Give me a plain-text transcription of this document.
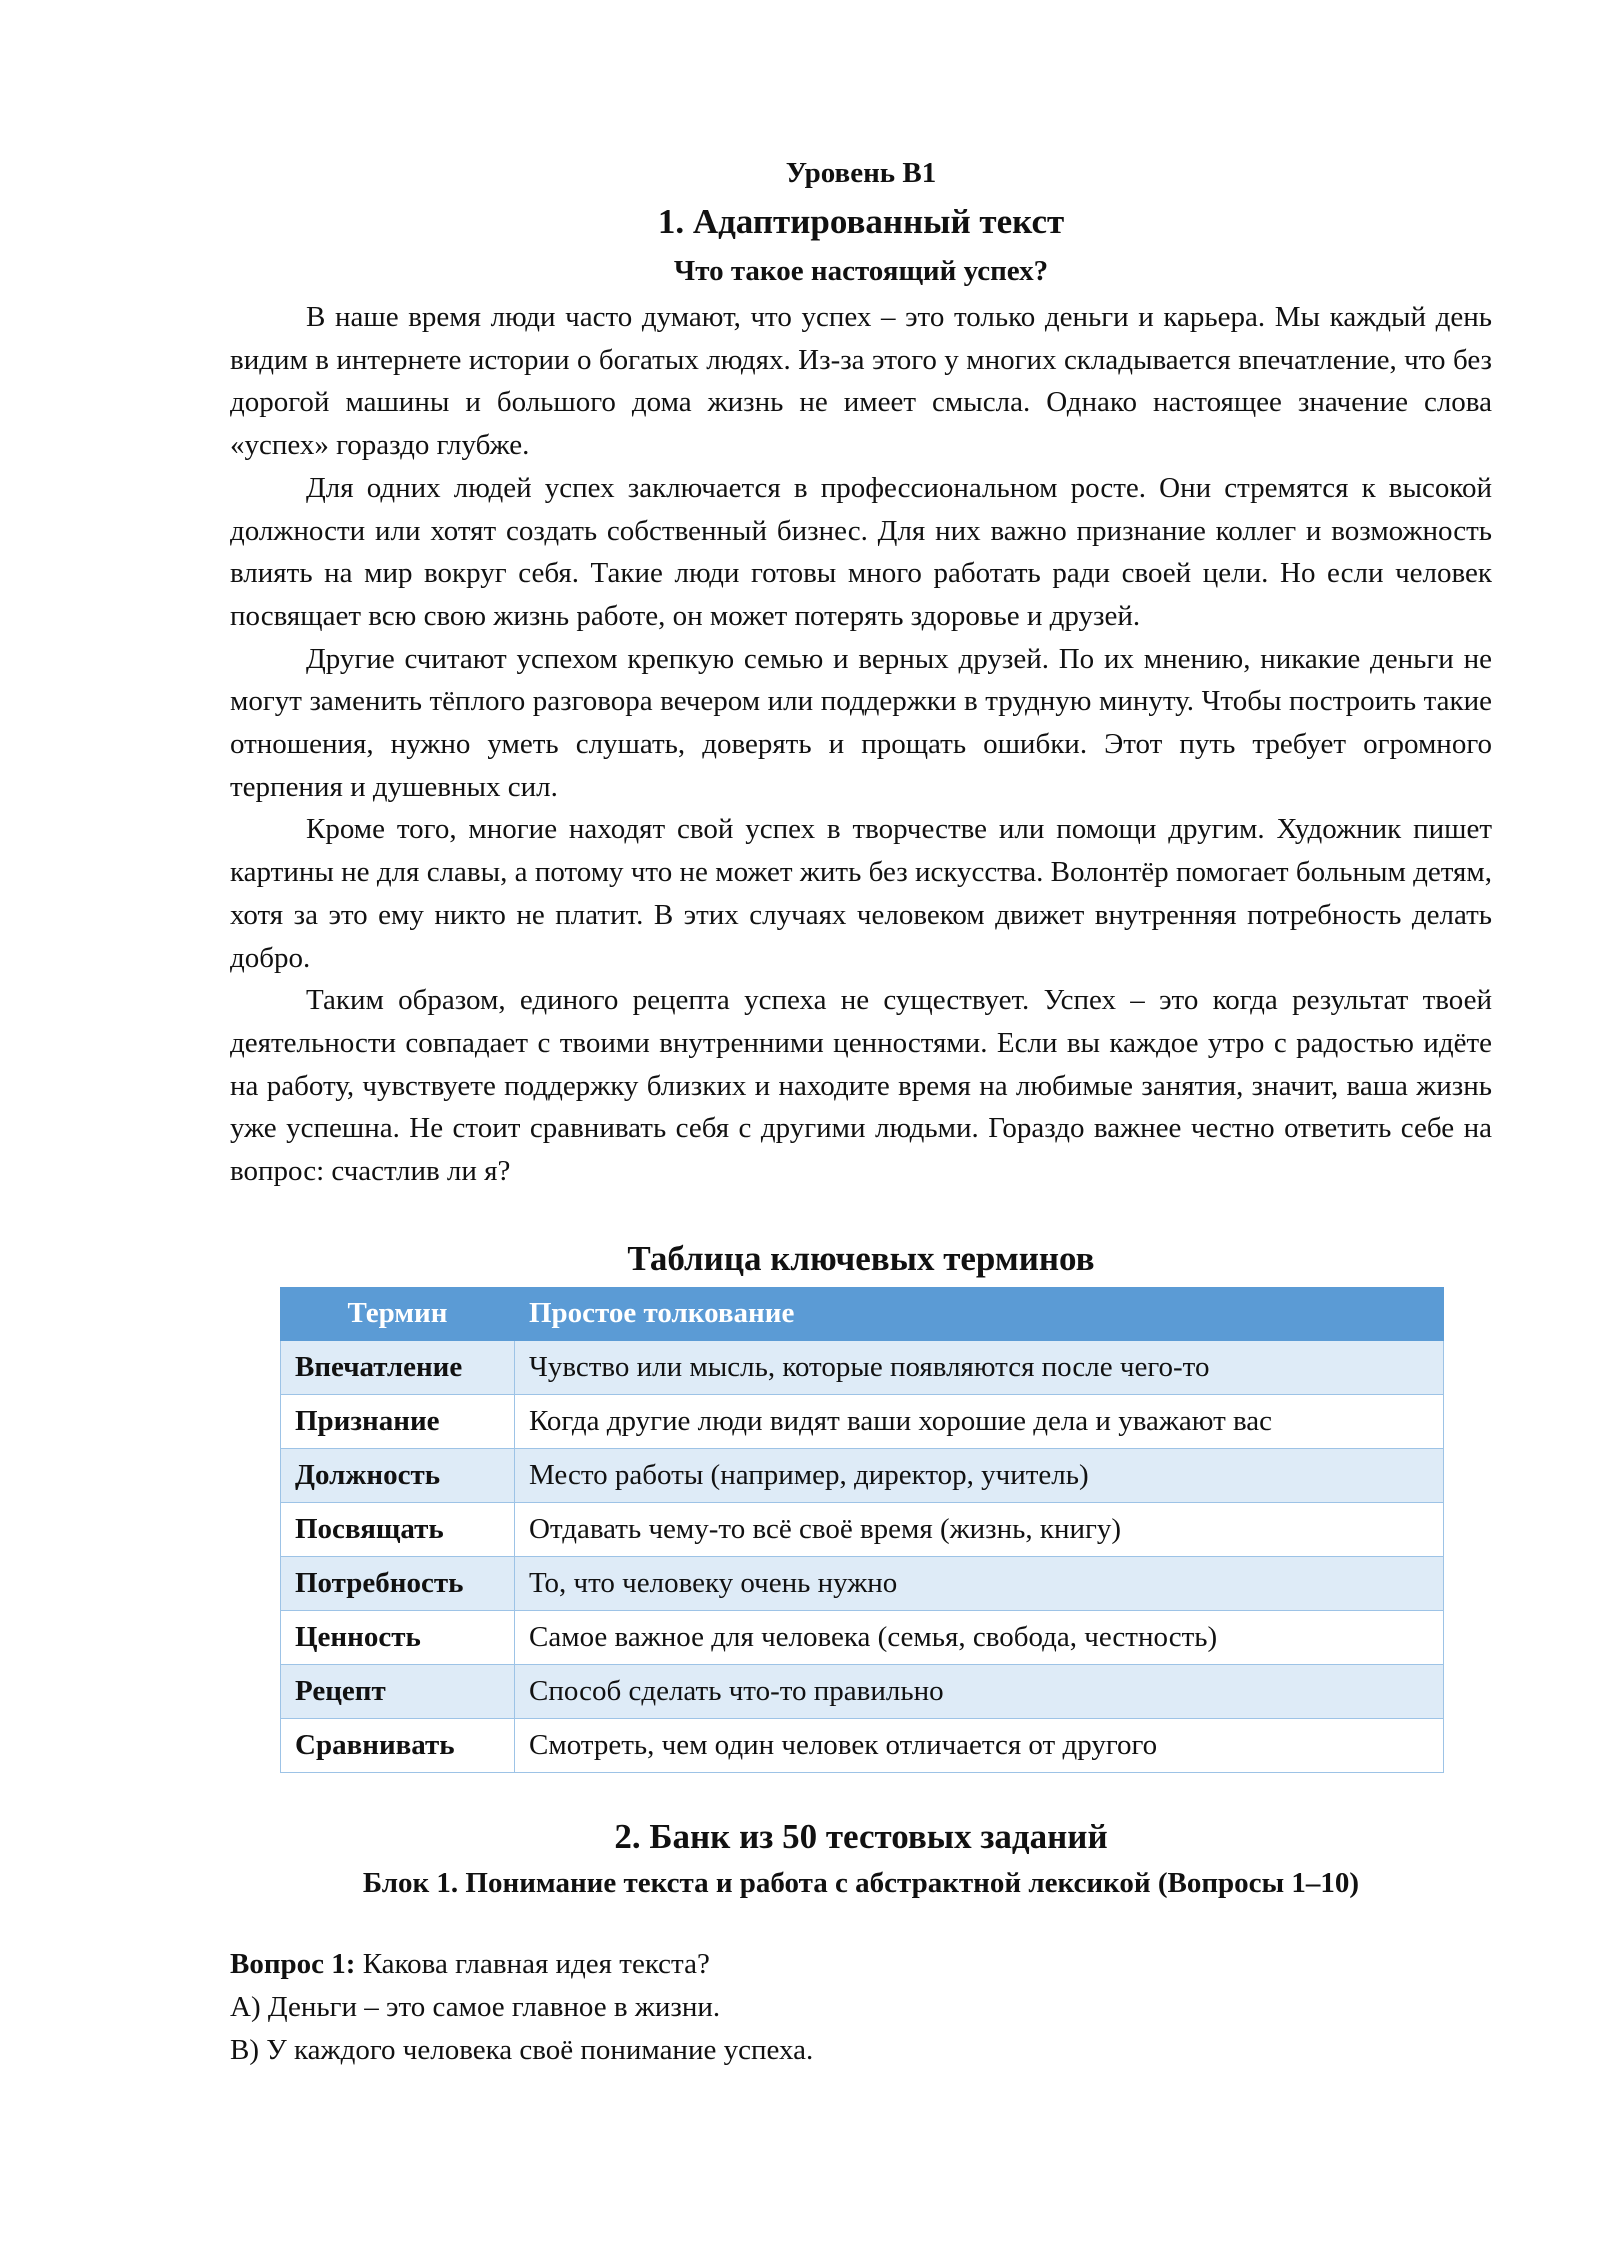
Уровень B1
1. Адаптированный текст
Что такое настоящий успех?

В наше время люди часто думают, что успех – это только деньги и карьера. Мы каждый день видим в интернете истории о богатых людях. Из-за этого у многих складывается впечатление, что без дорогой машины и большого дома жизнь не имеет смысла. Однако настоящее значение слова «успех» гораздо глубже.

Для одних людей успех заключается в профессиональном росте. Они стремятся к высокой должности или хотят создать собственный бизнес. Для них важно признание коллег и возможность влиять на мир вокруг себя. Такие люди готовы много работать ради своей цели. Но если человек посвящает всю свою жизнь работе, он может потерять здоровье и друзей.

Другие считают успехом крепкую семью и верных друзей. По их мнению, никакие деньги не могут заменить тёплого разговора вечером или поддержки в трудную минуту. Чтобы построить такие отношения, нужно уметь слушать, доверять и прощать ошибки. Этот путь требует огромного терпения и душевных сил.

Кроме того, многие находят свой успех в творчестве или помощи другим. Художник пишет картины не для славы, а потому что не может жить без искусства. Волонтёр помогает больным детям, хотя за это ему никто не платит. В этих случаях человеком движет внутренняя потребность делать добро.

Таким образом, единого рецепта успеха не существует. Успех – это когда результат твоей деятельности совпадает с твоими внутренними ценностями. Если вы каждое утро с радостью идёте на работу, чувствуете поддержку близких и находите время на любимые занятия, значит, ваша жизнь уже успешна. Не стоит сравнивать себя с другими людьми. Гораздо важнее честно ответить себе на вопрос: счастлив ли я?

Таблица ключевых терминов
Термин	Простое толкование
Впечатление	Чувство или мысль, которые появляются после чего-то
Признание	Когда другие люди видят ваши хорошие дела и уважают вас
Должность	Место работы (например, директор, учитель)
Посвящать	Отдавать чему-то всё своё время (жизнь, книгу)
Потребность	То, что человеку очень нужно
Ценность	Самое важное для человека (семья, свобода, честность)
Рецепт	Способ сделать что-то правильно
Сравнивать	Смотреть, чем один человек отличается от другого
2. Банк из 50 тестовых заданий
Блок 1. Понимание текста и работа с абстрактной лексикой (Вопросы 1–10)
Вопрос 1: Какова главная идея текста?
A) Деньги – это самое главное в жизни.
B) У каждого человека своё понимание успеха.
